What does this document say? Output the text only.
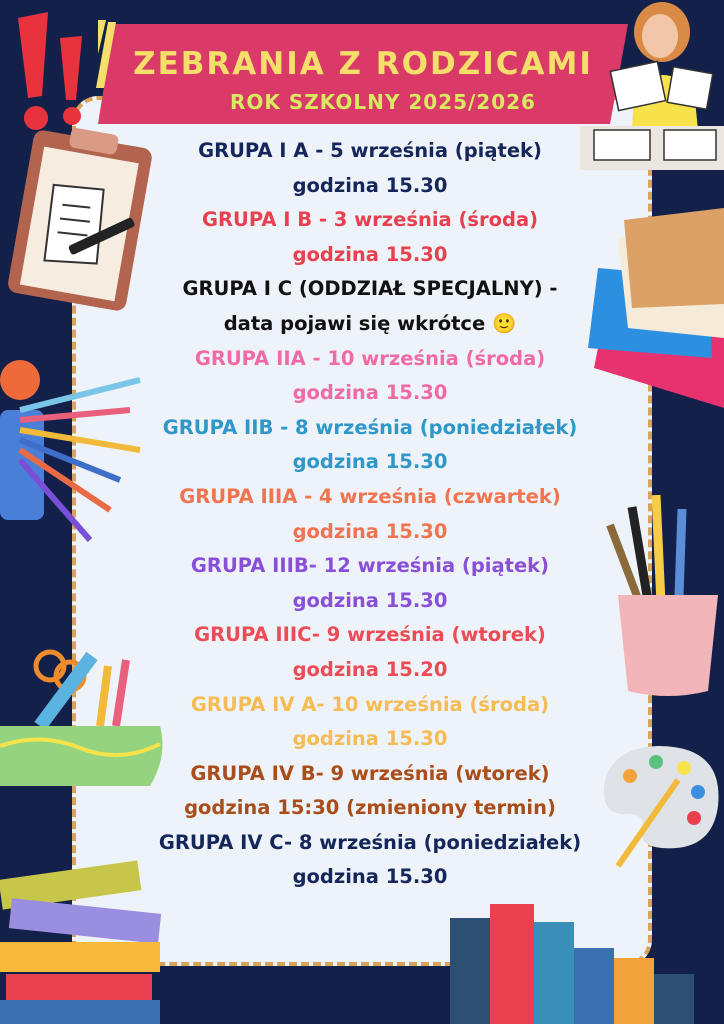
ZEBRANIA Z RODZICAMI
ROK SZKOLNY 2025/2026
GRUPA I A - 5 września (piątek)
godzina 15.30
GRUPA I B - 3 września (środa)
godzina 15.30
GRUPA I C (ODDZIAŁ SPECJALNY) -
data pojawi się wkrótce 🙂
GRUPA IIA - 10 września (środa)
godzina 15.30
GRUPA IIB - 8 września (poniedziałek)
godzina 15.30
GRUPA IIIA - 4 września (czwartek)
godzina 15.30
GRUPA IIIB- 12 września (piątek)
godzina 15.30
GRUPA IIIC- 9 września (wtorek)
godzina 15.20
GRUPA IV A- 10 września (środa)
godzina 15.30
GRUPA IV B- 9 września (wtorek)
godzina 15:30 (zmieniony termin)
GRUPA IV C- 8 września (poniedziałek)
godzina 15.30
